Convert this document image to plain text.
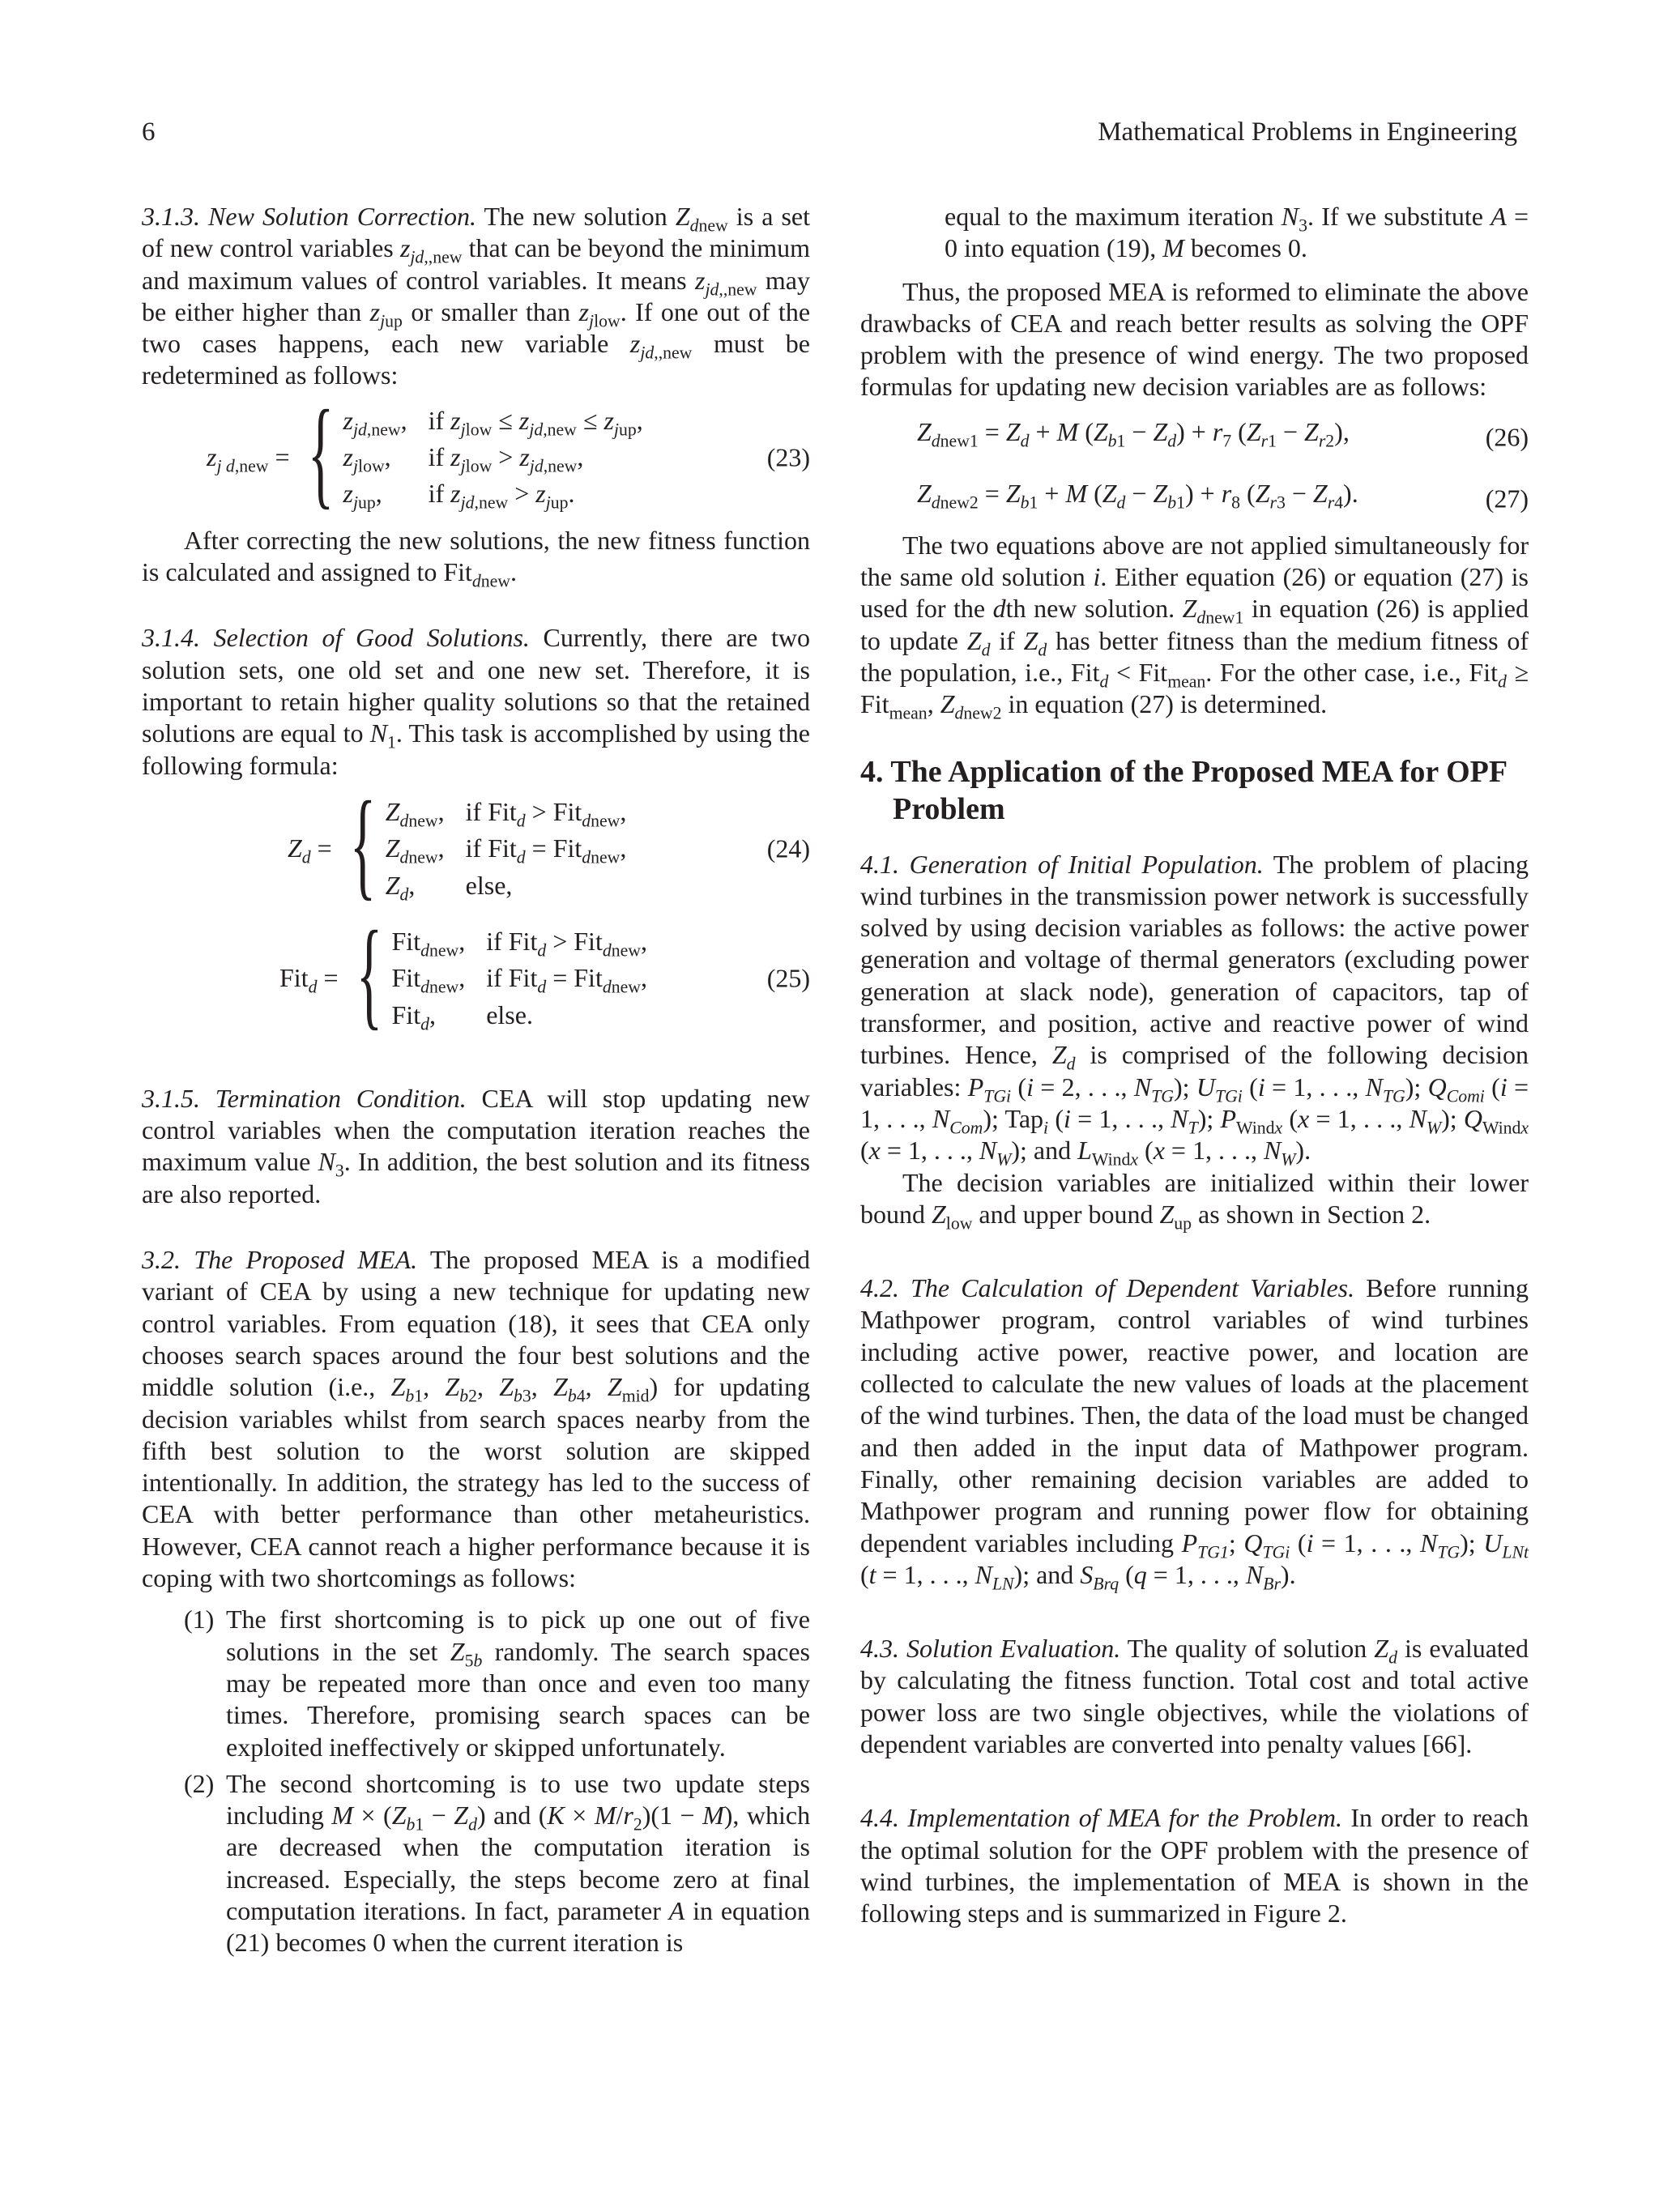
6	Mathematical Problems in Engineering

3.1.3. New Solution Correction. The new solution $Z_{dnew}$ is a set of new control variables $z_{jd,,new}$ that can be beyond the minimum and maximum values of control variables. It means $z_{jd,,new}$ may be either higher than $z_{jup}$ or smaller than $z_{jlow}$. If one out of the two cases happens, each new variable $z_{jd,,new}$ must be redetermined as follows:

$z_{j d,new}$ = { $z_{jd,new}$, if $z_{jlow} \le z_{jd,new} \le z_{jup}$,
$z_{jlow}$,	if $z_{jlow} > z_{jd,new}$,
$z_{jup}$,	if $z_{jd,new} > z_{jup}$.
(23)

After correcting the new solutions, the new fitness function is calculated and assigned to Fit$_{dnew}$.

3.1.4. Selection of Good Solutions. Currently, there are two solution sets, one old set and one new set. Therefore, it is important to retain higher quality solutions so that the retained solutions are equal to $N_1$. This task is accomplished by using the following formula:

$Z_d$ = { $Z_{dnew}$, if Fit$_d$ > Fit$_{dnew}$,
$Z_{dnew}$, if Fit$_d$ = Fit$_{dnew}$,
$Z_d$,	else,
(24)
Fit$_d$ = { Fit$_{dnew}$, if Fit$_d$ > Fit$_{dnew}$,
Fit$_{dnew}$, if Fit$_d$ = Fit$_{dnew}$,
Fit$_d$,	else.
(25)

3.1.5. Termination Condition. CEA will stop updating new control variables when the computation iteration reaches the maximum value $N_3$. In addition, the best solution and its fitness are also reported.

3.2. The Proposed MEA. The proposed MEA is a modified variant of CEA by using a new technique for updating new control variables. From equation (18), it sees that CEA only chooses search spaces around the four best solutions and the middle solution (i.e., $Z_{b1}$, $Z_{b2}$, $Z_{b3}$, $Z_{b4}$, $Z_{mid}$) for updating decision variables whilst from search spaces nearby from the fifth best solution to the worst solution are skipped intentionally. In addition, the strategy has led to the success of CEA with better performance than other metaheuristics. However, CEA cannot reach a higher performance because it is coping with two shortcomings as follows:

(1) The first shortcoming is to pick up one out of five solutions in the set $Z_{5b}$ randomly. The search spaces may be repeated more than once and even too many times. Therefore, promising search spaces can be exploited ineffectively or skipped unfortunately.
(2) The second shortcoming is to use two update steps including $M \times (Z_{b1} - Z_d)$ and $(K \times M/r_2)(1 - M)$, which are decreased when the computation iteration is increased. Especially, the steps become zero at final computation iterations. In fact, parameter A in equation (21) becomes 0 when the current iteration is

equal to the maximum iteration $N_3$. If we substitute A = 0 into equation (19), M becomes 0.

Thus, the proposed MEA is reformed to eliminate the above drawbacks of CEA and reach better results as solving the OPF problem with the presence of wind energy. The two proposed formulas for updating new decision variables are as follows:

$Z_{dnew1} = Z_d + M$ $(Z_{b1} - Z_d) + r_7$ $(Z_{r1} - Z_{r2})$,	(26)
$Z_{dnew2} = Z_{b1} + M$ $(Z_d - Z_{b1}) + r_8$ $(Z_{r3} - Z_{r4})$.	(27)

The two equations above are not applied simultaneously for the same old solution i. Either equation (26) or equation (27) is used for the dth new solution. $Z_{dnew1}$ in equation (26) is applied to update $Z_d$ if $Z_d$ has better fitness than the medium fitness of the population, i.e., Fit$_d$ < Fit$_{mean}$. For the other case, i.e., Fit$_d$ ≥ Fit$_{mean}$, $Z_{dnew2}$ in equation (27) is determined.

4. The Application of the Proposed MEA for OPF Problem

4.1. Generation of Initial Population. The problem of placing wind turbines in the transmission power network is successfully solved by using decision variables as follows: the active power generation and voltage of thermal generators (excluding power generation at slack node), generation of capacitors, tap of transformer, and position, active and reactive power of wind turbines. Hence, $Z_d$ is comprised of the following decision variables: $P_{TGi}$ (i = 2, . . ., $N_{TG}$); $U_{TGi}$ (i = 1, . . ., $N_{TG}$); $Q_{Comi}$ (i = 1, . . ., $N_{Com}$); Tap$_i$ (i = 1, . . ., $N_T$); $P_{Windx}$ (x = 1, . . ., $N_W$); $Q_{Windx}$ (x = 1, . . ., $N_W$); and $L_{Windx}$ (x = 1, . . ., $N_W$).

The decision variables are initialized within their lower bound $Z_{low}$ and upper bound $Z_{up}$ as shown in Section 2.

4.2. The Calculation of Dependent Variables. Before running Mathpower program, control variables of wind turbines including active power, reactive power, and location are collected to calculate the new values of loads at the placement of the wind turbines. Then, the data of the load must be changed and then added in the input data of Mathpower program. Finally, other remaining decision variables are added to Mathpower program and running power flow for obtaining dependent variables including $P_{TG1}$; $Q_{TGi}$ (i = 1, . . ., $N_{TG}$); $U_{LNt}$ (t = 1, . . ., $N_{LN}$); and $S_{Brq}$ (q = 1, . . ., $N_{Br}$).

4.3. Solution Evaluation. The quality of solution $Z_d$ is evaluated by calculating the fitness function. Total cost and total active power loss are two single objectives, while the violations of dependent variables are converted into penalty values [66].

4.4. Implementation of MEA for the Problem. In order to reach the optimal solution for the OPF problem with the presence of wind turbines, the implementation of MEA is shown in the following steps and is summarized in Figure 2.
